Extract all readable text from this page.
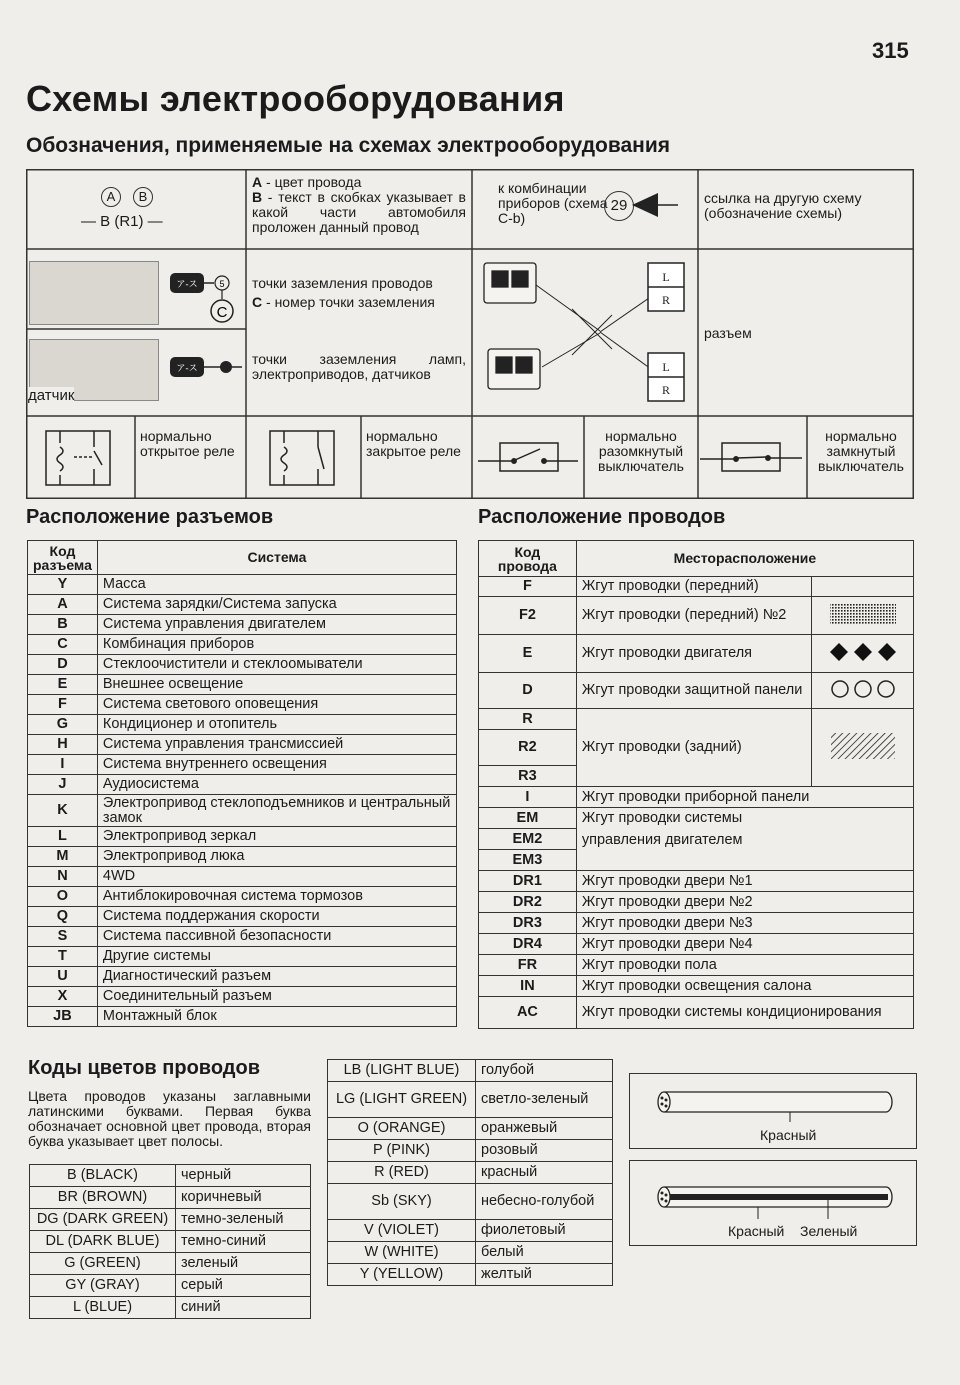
315
Схемы электрооборудования
Обозначения, применяемые на схемах электрооборудования
A	B
— B (R1) —
А - цвет провода
В - текст в скобках указывает в какой части автомобиля проложен данный провод
к комбинации приборов (схема C-b)
29	ссылка на другую схему (обозначение схемы)
ア-ス 5
C
точки заземления проводов
С - номер точки заземления
датчик
ア-ス
точки заземления ламп, электроприводов, датчиков
L
R
L
R
разъем
нормально открытое реле
нормально закрытое реле
нормально разомкнутый выключатель
нормально замкнутый выключатель
Расположение разъемов
Код разъема	Система
Y	Масса
A	Система зарядки/Система запуска
B	Система управления двигателем
C	Комбинация приборов
D	Стеклоочистители и стеклоомыватели
E	Внешнее освещение
F	Система светового оповещения
G	Кондиционер и отопитель
H	Система управления трансмиссией
I	Система внутреннего освещения
J	Аудиосистема
K	Электропривод стеклоподъемников и центральный замок
L	Электропривод зеркал
M	Электропривод люка
N	4WD
O	Антиблокировочная система тормозов
Q	Система поддержания скорости
S	Система пассивной безопасности
T	Другие системы
U	Диагностический разъем
X	Соединительный разъем
JB	Монтажный блок
Расположение проводов
Код провода	Месторасположение	
F	Жгут проводки (передний)	
F2	Жгут проводки (передний) №2	
E	Жгут проводки двигателя	
D	Жгут проводки защитной панели	
R	Жгут проводки (задний)	
R2		
R3		
I	Жгут проводки приборной панели	
EM	Жгут проводки системы
управления двигателем	

EM2		
EM3		
DR1	Жгут проводки двери №1	
DR2	Жгут проводки двери №2	
DR3	Жгут проводки двери №3	
DR4	Жгут проводки двери №4	
FR	Жгут проводки пола	
IN	Жгут проводки освещения салона	
AC	Жгут проводки системы кондиционирования	
Коды цветов проводов
Цвета проводов указаны заглавными латинскими буквами. Первая буква обозначает основной цвет провода, вторая буква указывает цвет полосы.
B (BLACK)	черный
BR (BROWN)	коричневый
DG (DARK GREEN)	темно-зеленый
DL (DARK BLUE)	темно-синий
G (GREEN)	зеленый
GY (GRAY)	серый
L (BLUE)	синий
LB (LIGHT BLUE)	голубой
LG (LIGHT GREEN)	светло-зеленый
O (ORANGE)	оранжевый
P (PINK)	розовый
R (RED)	красный
Sb (SKY)	небесно-голубой
V (VIOLET)	фиолетовый
W (WHITE)	белый
Y (YELLOW)	желтый
Красный
Красный Зеленый
